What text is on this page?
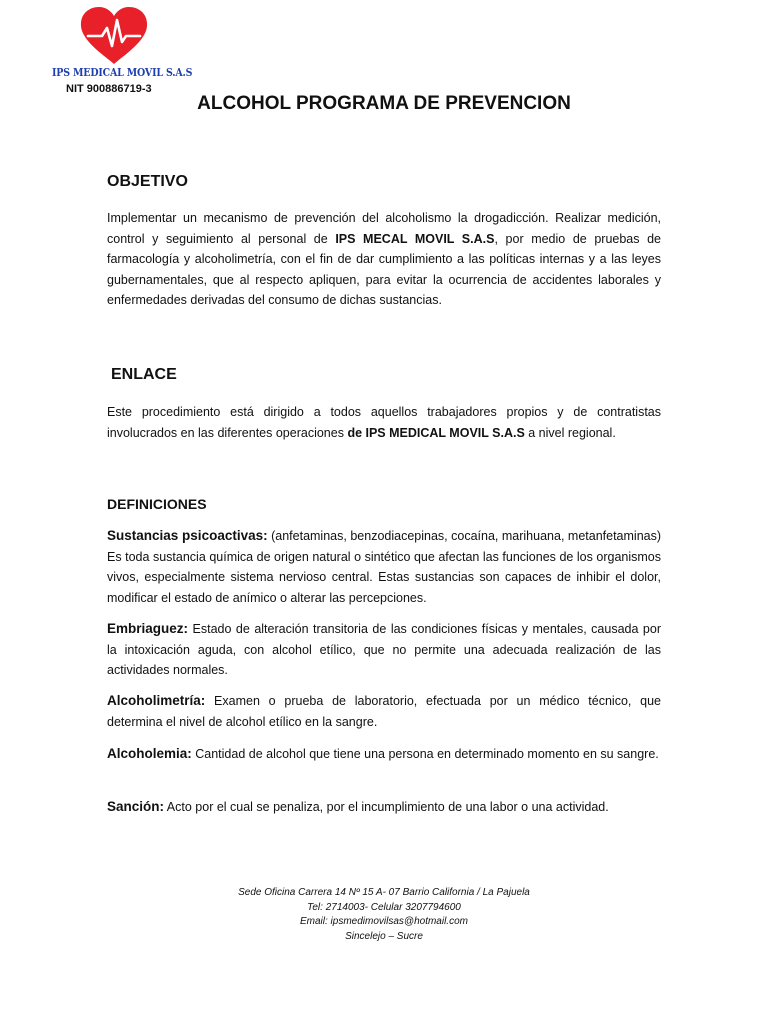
IPS MEDICAL MOVIL S.A.S
NIT 900886719-3
ALCOHOL PROGRAMA DE PREVENCION
OBJETIVO

Implementar un mecanismo de prevención del alcoholismo la drogadicción. Realizar medición, control y seguimiento al personal de IPS MECAL MOVIL S.A.S, por medio de pruebas de farmacología y alcoholimetría, con el fin de dar cumplimiento a las políticas internas y a las leyes gubernamentales, que al respecto apliquen, para evitar la ocurrencia de accidentes laborales y enfermedades derivadas del consumo de dichas sustancias.

ENLACE

Este procedimiento está dirigido a todos aquellos trabajadores propios y de contratistas involucrados en las diferentes operaciones de IPS MEDICAL MOVIL S.A.S a nivel regional.

DEFINICIONES

Sustancias psicoactivas: (anfetaminas, benzodiacepinas, cocaína, marihuana, metanfetaminas) Es toda sustancia química de origen natural o sintético que afectan las funciones de los organismos vivos, especialmente sistema nervioso central. Estas sustancias son capaces de inhibir el dolor, modificar el estado de anímico o alterar las percepciones.

Embriaguez: Estado de alteración transitoria de las condiciones físicas y mentales, causada por la intoxicación aguda, con alcohol etílico, que no permite una adecuada realización de las actividades normales.

Alcoholimetría: Examen o prueba de laboratorio, efectuada por un médico técnico, que determina el nivel de alcohol etílico en la sangre.

Alcoholemia: Cantidad de alcohol que tiene una persona en determinado momento en su sangre.

Sanción: Acto por el cual se penaliza, por el incumplimiento de una labor o una actividad.

Sede Oficina Carrera 14 Nº 15 A- 07 Barrio California / La Pajuela
Tel: 2714003- Celular 3207794600
Email: ipsmedimovilsas@hotmail.com
Sincelejo – Sucre
